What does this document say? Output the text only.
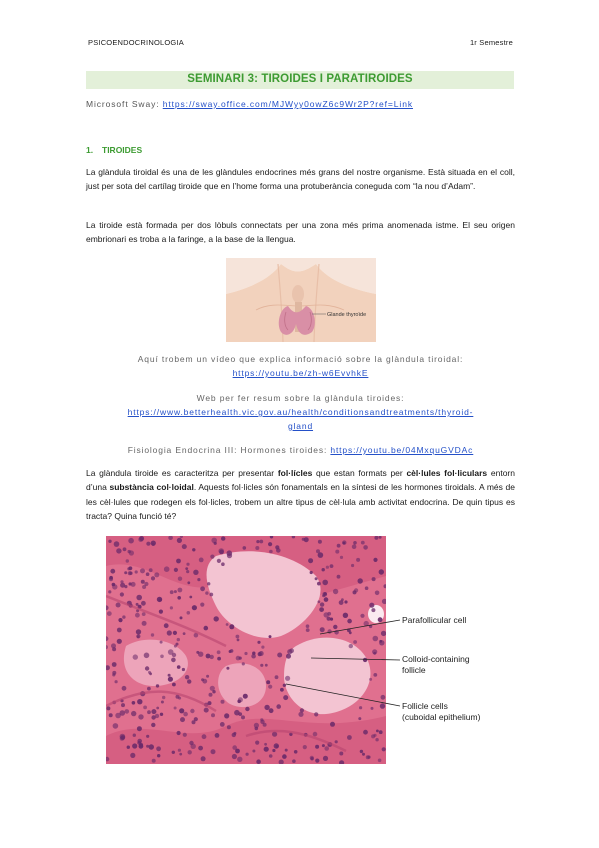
PSICOENDOCRINOLOGIA	1r Semestre
SEMINARI 3: TIROIDES I PARATIROIDES
Microsoft Sway: https://sway.office.com/MJWyy0owZ6c9Wr2P?ref=Link
1. TIROIDES
La glàndula tiroidal és una de les glàndules endocrines més grans del nostre organisme. Està situada en el coll, just per sota del cartílag tiroide que en l’home forma una protuberància coneguda com “la nou d’Adam”.
La tiroide està formada per dos lòbuls connectats per una zona més prima anomenada istme. El seu origen embrionari es troba a la faringe, a la base de la llengua.
Glande thyroïde
Aquí trobem un vídeo que explica informació sobre la glàndula tiroidal:
https://youtu.be/zh-w6EvvhkE
Web per fer resum sobre la glàndula tiroides:
https://www.betterhealth.vic.gov.au/health/conditionsandtreatments/thyroid-
gland
Fisiologia Endocrina III: Hormones tiroides: https://youtu.be/04MxquGVDAc
La glàndula tiroide es caracteritza per presentar fol·lícles que estan formats per cèl·lules fol·liculars entorn d’una substància col·loidal. Aquests fol·licles són fonamentals en la síntesi de les hormones tiroidals. A més de les cèl·lules que rodegen els fol·licles, trobem un altre tipus de cèl·lula amb activitat endocrina. De quin tipus es tracta? Quina funció té?
Parafollicular cell
Colloid-containing
follicle
Follicle cells
(cuboidal epithelium)
